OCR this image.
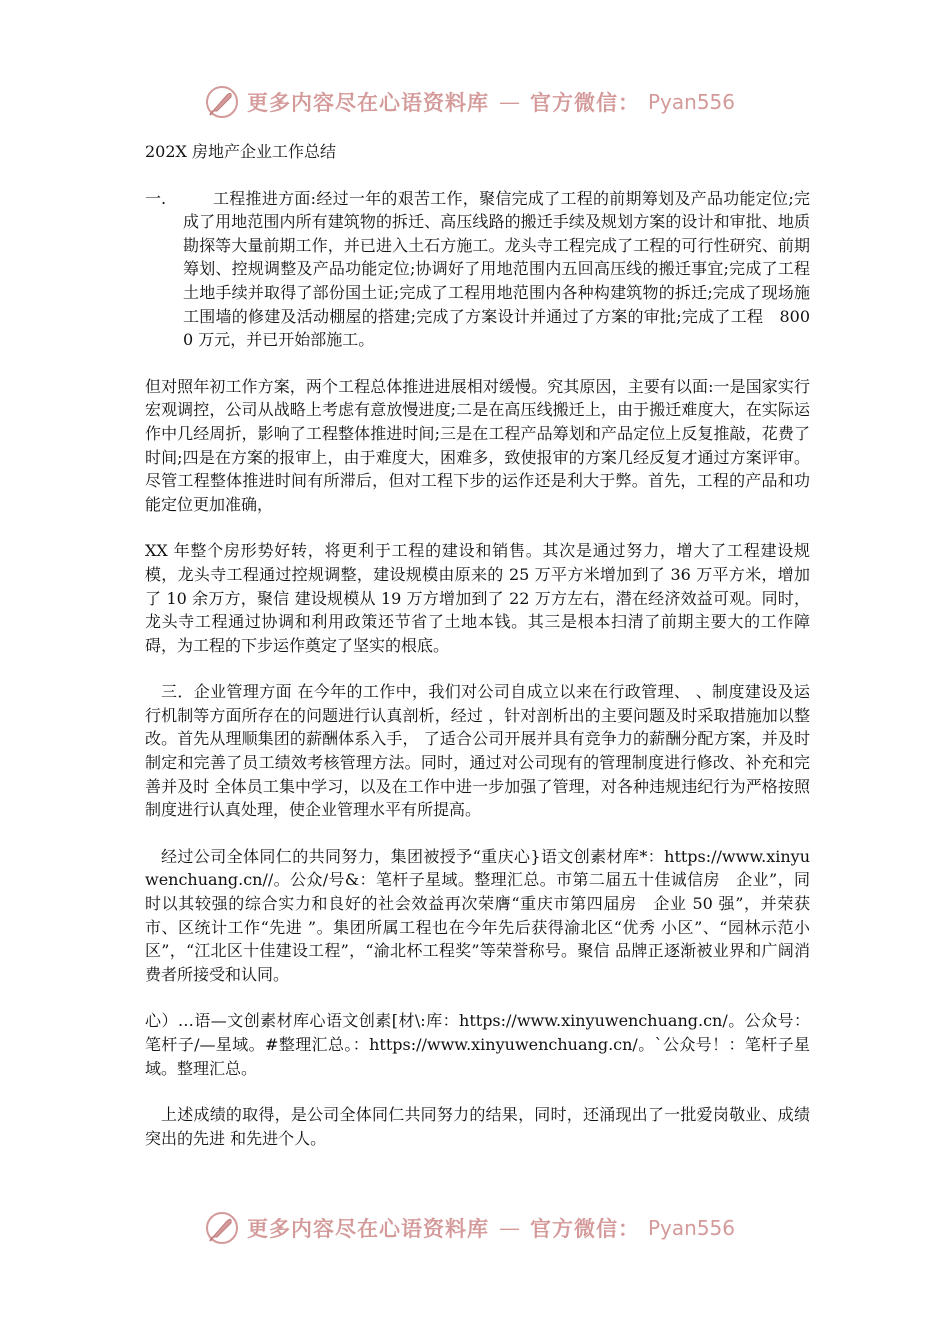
更多内容尽在心语资料库 — 官方微信： Pyan556

202X 房地产企业工作总结

一.	工程推进方面:经过一年的艰苦工作，聚信完成了工程的前期筹划及产品功能定位;完成了用地范围内所有建筑物的拆迁、高压线路的搬迁手续及规划方案的设计和审批、地质勘探等大量前期工作，并已进入土石方施工。龙头寺工程完成了工程的可行性研究、前期筹划、控规调整及产品功能定位;协调好了用地范围内五回高压线的搬迁事宜;完成了工程土地手续并取得了部份国土证;完成了工程用地范围内各种构建筑物的拆迁;完成了现场施工围墙的修建及活动棚屋的搭建;完成了方案设计并通过了方案的审批;完成了工程　8000 万元，并已开始部施工。

但对照年初工作方案，两个工程总体推进进展相对缓慢。究其原因，主要有以面:一是国家实行宏观调控，公司从战略上考虑有意放慢进度;二是在高压线搬迁上，由于搬迁难度大，在实际运作中几经周折，影响了工程整体推进时间;三是在工程产品筹划和产品定位上反复推敲，花费了时间;四是在方案的报审上，由于难度大，困难多，致使报审的方案几经反复才通过方案评审。尽管工程整体推进时间有所滞后，但对工程下步的运作还是利大于弊。首先，工程的产品和功能定位更加准确，

XX 年整个房形势好转，将更利于工程的建设和销售。其次是通过努力，增大了工程建设规模，龙头寺工程通过控规调整，建设规模由原来的 25 万平方米增加到了 36 万平方米，增加了 10 余万方，聚信 建设规模从 19 万方增加到了 22 万方左右，潜在经济效益可观。同时，龙头寺工程通过协调和利用政策还节省了土地本钱。其三是根本扫清了前期主要大的工作障碍，为工程的下步运作奠定了坚实的根底。

三．企业管理方面 在今年的工作中，我们对公司自成立以来在行政管理、 、制度建设及运行机制等方面所存在的问题进行认真剖析，经过 ，针对剖析出的主要问题及时采取措施加以整改。首先从理顺集团的薪酬体系入手， 了适合公司开展并具有竞争力的薪酬分配方案，并及时制定和完善了员工绩效考核管理方法。同时，通过对公司现有的管理制度进行修改、补充和完善并及时 全体员工集中学习，以及在工作中进一步加强了管理，对各种违规违纪行为严格按照制度进行认真处理，使企业管理水平有所提高。

经过公司全体同仁的共同努力，集团被授予“重庆心}语文创素材库*：https://www.xinyuwenchuang.cn//。公众/号&：笔杆子星域。整理汇总。市第二届五十佳诚信房　企业”，同时以其较强的综合实力和良好的社会效益再次荣膺“重庆市第四届房　企业 50 强”，并荣获市、区统计工作“先进 ”。集团所属工程也在今年先后获得渝北区“优秀 小区”、“园林示范小区”，“江北区十佳建设工程”，“渝北杯工程奖”等荣誉称号。聚信 品牌正逐渐被业界和广阔消费者所接受和认同。

心）…语—文创素材库心语文创素[材\:库：https://www.xinyuwenchuang.cn/。公众号：笔杆子/—星域。#整理汇总。：https://www.xinyuwenchuang.cn/。`公众号！：笔杆子星域。整理汇总。

上述成绩的取得，是公司全体同仁共同努力的结果，同时，还涌现出了一批爱岗敬业、成绩突出的先进 和先进个人。

更多内容尽在心语资料库 — 官方微信： Pyan556
